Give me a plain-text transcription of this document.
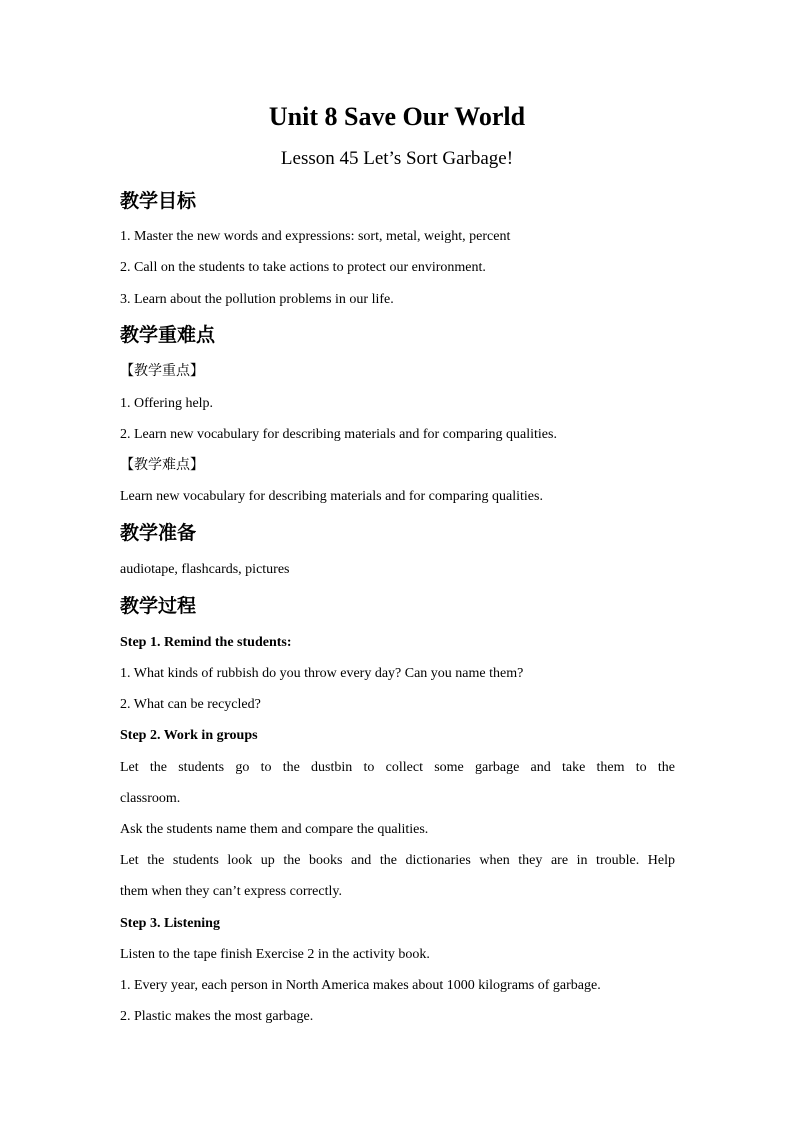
Unit 8 Save Our World
Lesson 45 Let’s Sort Garbage!
教学目标
1. Master the new words and expressions: sort, metal, weight, percent
2. Call on the students to take actions to protect our environment.
3. Learn about the pollution problems in our life.
教学重难点
【教学重点】
1. Offering help.
2. Learn new vocabulary for describing materials and for comparing qualities.
【教学难点】
Learn new vocabulary for describing materials and for comparing qualities.
教学准备
audiotape, flashcards, pictures
教学过程
Step 1. Remind the students:
1. What kinds of rubbish do you throw every day? Can you name them?
2. What can be recycled?
Step 2. Work in groups
Let the students go to the dustbin to collect some garbage and take them to the
classroom.
Ask the students name them and compare the qualities.
Let the students look up the books and the dictionaries when they are in trouble. Help
them when they can’t express correctly.
Step 3. Listening
Listen to the tape finish Exercise 2 in the activity book.
1. Every year, each person in North America makes about 1000 kilograms of garbage.
2. Plastic makes the most garbage.
